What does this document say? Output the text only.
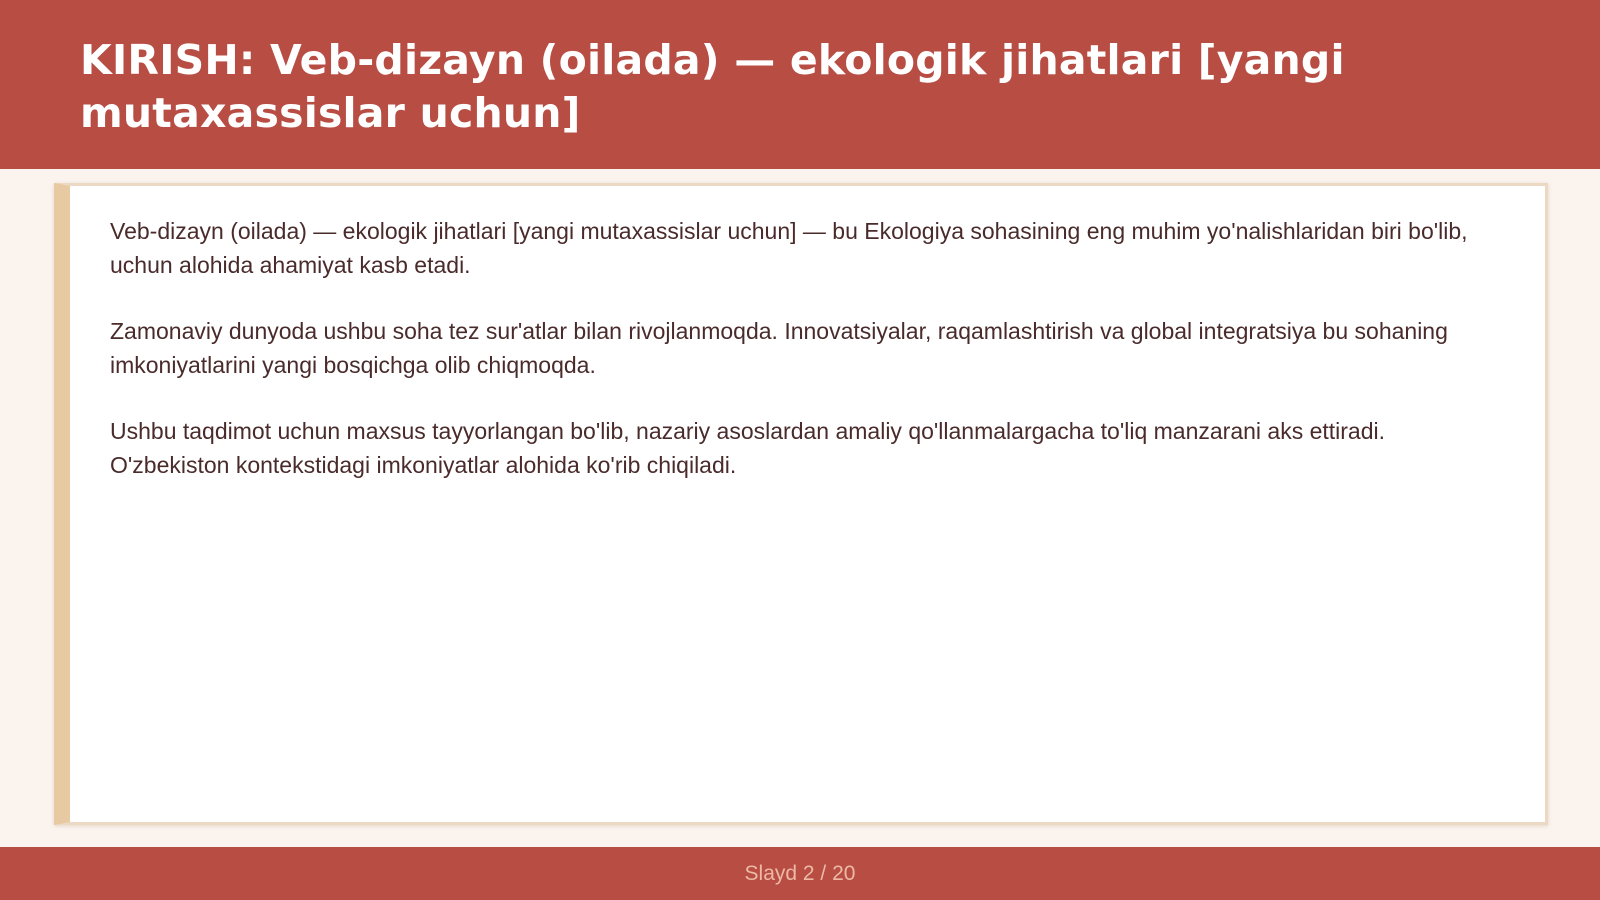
KIRISH: Veb-dizayn (oilada) — ekologik jihatlari [yangi mutaxassislar uchun]

Veb-dizayn (oilada) — ekologik jihatlari [yangi mutaxassislar uchun] — bu Ekologiya sohasining eng muhim yo'nalishlaridan biri bo'lib, uchun alohida ahamiyat kasb etadi.

Zamonaviy dunyoda ushbu soha tez sur'atlar bilan rivojlanmoqda. Innovatsiyalar, raqamlashtirish va global integratsiya bu sohaning imkoniyatlarini yangi bosqichga olib chiqmoqda.

Ushbu taqdimot uchun maxsus tayyorlangan bo'lib, nazariy asoslardan amaliy qo'llanmalargacha to'liq manzarani aks ettiradi. O'zbekiston kontekstidagi imkoniyatlar alohida ko'rib chiqiladi.

Slayd 2 / 20
